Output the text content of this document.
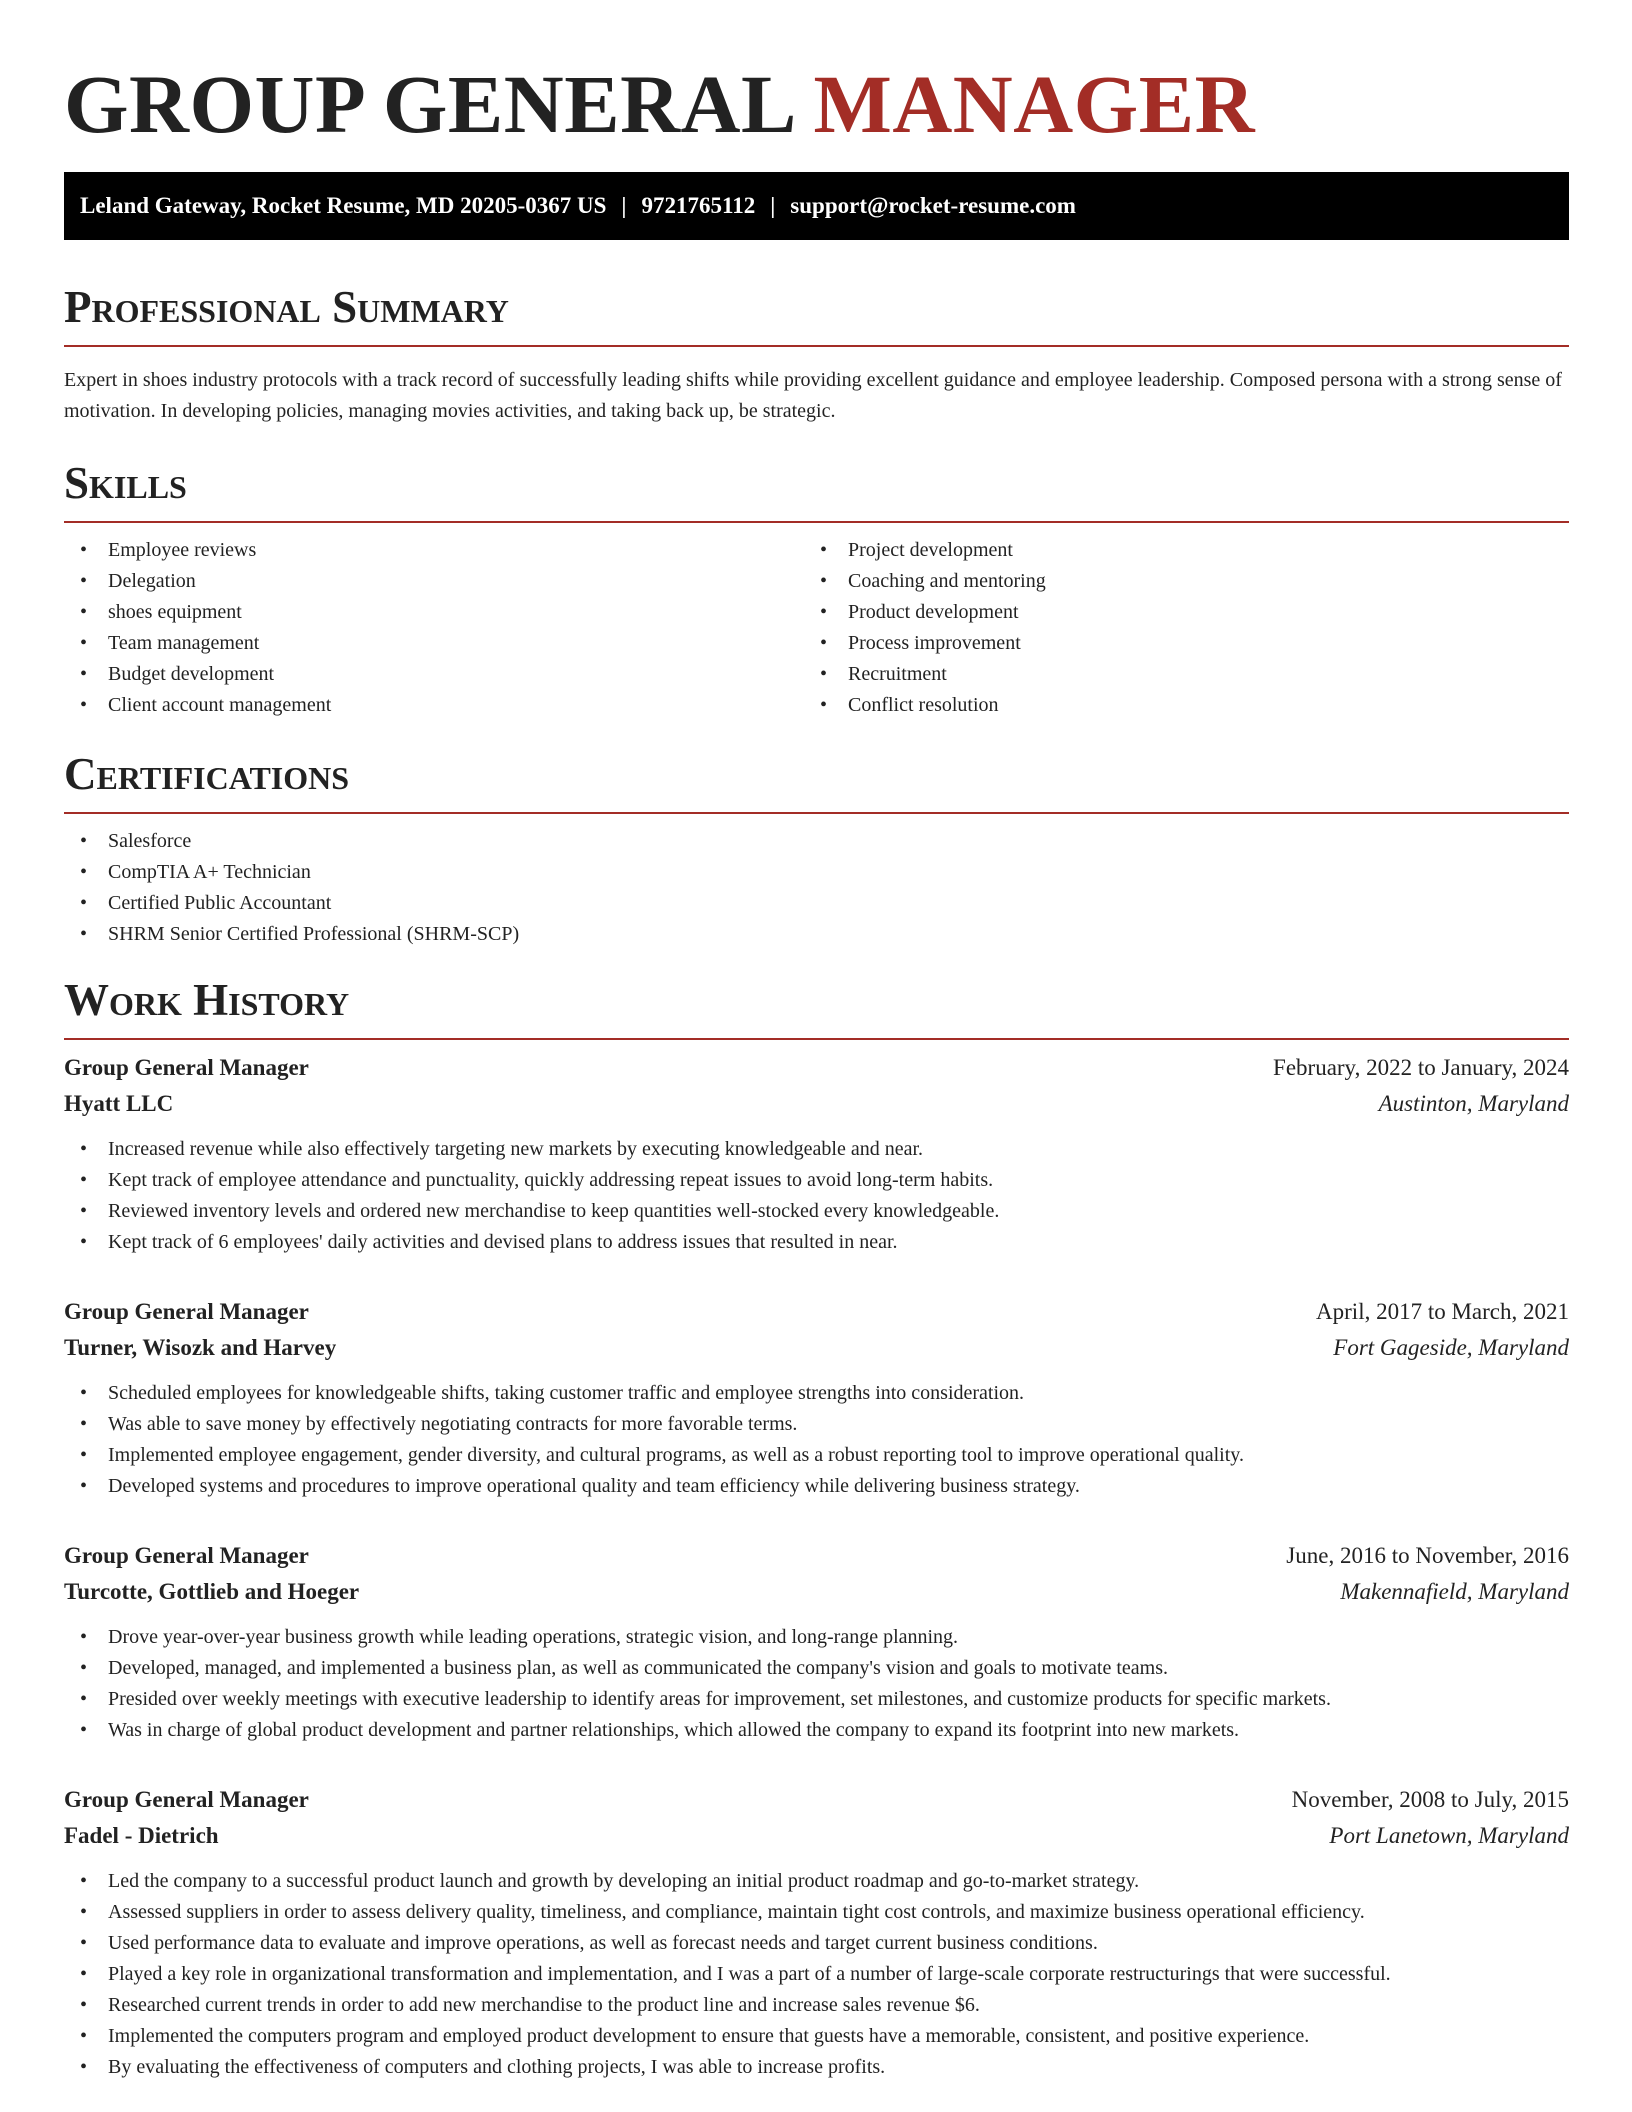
GROUP GENERAL MANAGER
Leland Gateway, Rocket Resume, MD 20205-0367 US | 9721765112 | support@rocket-resume.com
Professional Summary

Expert in shoes industry protocols with a track record of successfully leading shifts while providing excellent guidance and employee leadership. Composed persona with a strong sense of motivation. In developing policies, managing movies activities, and taking back up, be strategic.

Skills
• Employee reviews
• Delegation
• shoes equipment
• Team management
• Budget development
• Client account management
• Project development
• Coaching and mentoring
• Product development
• Process improvement
• Recruitment
• Conflict resolution
Certifications
• Salesforce
• CompTIA A+ Technician
• Certified Public Accountant
• SHRM Senior Certified Professional (SHRM-SCP)
Work History
Group General Manager	February, 2022 to January, 2024
Hyatt LLC	Austinton, Maryland
• Increased revenue while also effectively targeting new markets by executing knowledgeable and near.
• Kept track of employee attendance and punctuality, quickly addressing repeat issues to avoid long-term habits.
• Reviewed inventory levels and ordered new merchandise to keep quantities well-stocked every knowledgeable.
• Kept track of 6 employees' daily activities and devised plans to address issues that resulted in near.
Group General Manager	April, 2017 to March, 2021
Turner, Wisozk and Harvey	Fort Gageside, Maryland
• Scheduled employees for knowledgeable shifts, taking customer traffic and employee strengths into consideration.
• Was able to save money by effectively negotiating contracts for more favorable terms.
• Implemented employee engagement, gender diversity, and cultural programs, as well as a robust reporting tool to improve operational quality.
• Developed systems and procedures to improve operational quality and team efficiency while delivering business strategy.
Group General Manager	June, 2016 to November, 2016
Turcotte, Gottlieb and Hoeger	Makennafield, Maryland
• Drove year-over-year business growth while leading operations, strategic vision, and long-range planning.
• Developed, managed, and implemented a business plan, as well as communicated the company's vision and goals to motivate teams.
• Presided over weekly meetings with executive leadership to identify areas for improvement, set milestones, and customize products for specific markets.
• Was in charge of global product development and partner relationships, which allowed the company to expand its footprint into new markets.
Group General Manager	November, 2008 to July, 2015
Fadel - Dietrich	Port Lanetown, Maryland
• Led the company to a successful product launch and growth by developing an initial product roadmap and go-to-market strategy.
• Assessed suppliers in order to assess delivery quality, timeliness, and compliance, maintain tight cost controls, and maximize business operational efficiency.
• Used performance data to evaluate and improve operations, as well as forecast needs and target current business conditions.
• Played a key role in organizational transformation and implementation, and I was a part of a number of large-scale corporate restructurings that were successful.
• Researched current trends in order to add new merchandise to the product line and increase sales revenue $6.
• Implemented the computers program and employed product development to ensure that guests have a memorable, consistent, and positive experience.
• By evaluating the effectiveness of computers and clothing projects, I was able to increase profits.
